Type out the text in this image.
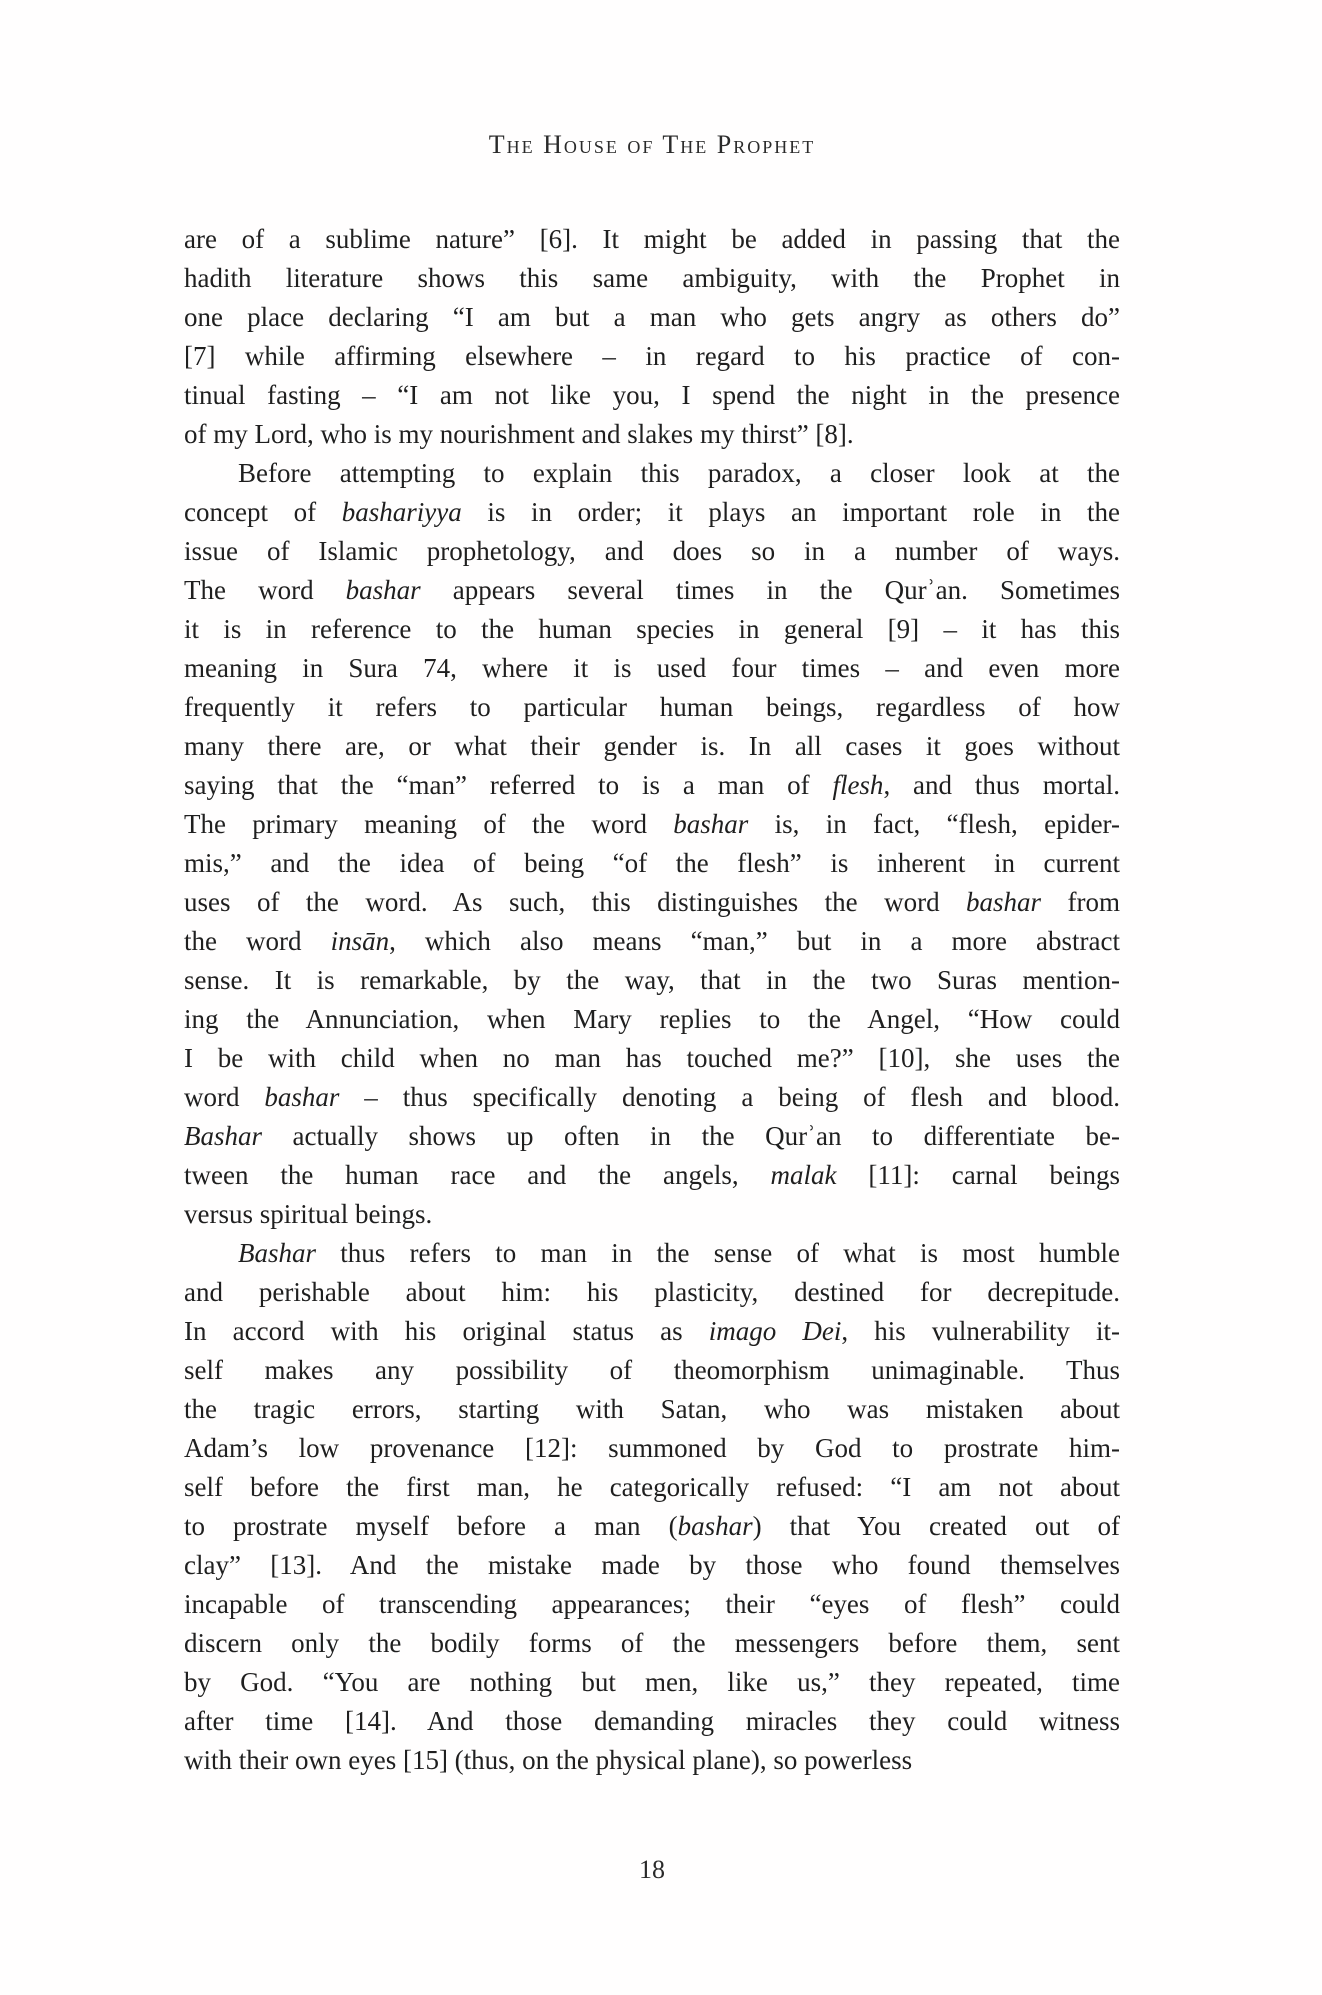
The House of The Prophet
are of a sublime nature” [6]. It might be added in passing that the
hadith literature shows this same ambiguity, with the Prophet in
one place declaring “I am but a man who gets angry as others do”
[7] while affirming elsewhere – in regard to his practice of con-
tinual fasting – “I am not like you, I spend the night in the presence
of my Lord, who is my nourishment and slakes my thirst” [8].
Before attempting to explain this paradox, a closer look at the
concept of bashariyya is in order; it plays an important role in the
issue of Islamic prophetology, and does so in a number of ways.
The word bashar appears several times in the Qurʾan. Sometimes
it is in reference to the human species in general [9] – it has this
meaning in Sura 74, where it is used four times – and even more
frequently it refers to particular human beings, regardless of how
many there are, or what their gender is. In all cases it goes without
saying that the “man” referred to is a man of flesh, and thus mortal.
The primary meaning of the word bashar is, in fact, “flesh, epider-
mis,” and the idea of being “of the flesh” is inherent in current
uses of the word. As such, this distinguishes the word bashar from
the word insān, which also means “man,” but in a more abstract
sense. It is remarkable, by the way, that in the two Suras mention-
ing the Annunciation, when Mary replies to the Angel, “How could
I be with child when no man has touched me?” [10], she uses the
word bashar – thus specifically denoting a being of flesh and blood.
Bashar actually shows up often in the Qurʾan to differentiate be-
tween the human race and the angels, malak [11]: carnal beings
versus spiritual beings.
Bashar thus refers to man in the sense of what is most humble
and perishable about him: his plasticity, destined for decrepitude.
In accord with his original status as imago Dei, his vulnerability it-
self makes any possibility of theomorphism unimaginable. Thus
the tragic errors, starting with Satan, who was mistaken about
Adam’s low provenance [12]: summoned by God to prostrate him-
self before the first man, he categorically refused: “I am not about
to prostrate myself before a man (bashar) that You created out of
clay” [13]. And the mistake made by those who found themselves
incapable of transcending appearances; their “eyes of flesh” could
discern only the bodily forms of the messengers before them, sent
by God. “You are nothing but men, like us,” they repeated, time
after time [14]. And those demanding miracles they could witness
with their own eyes [15] (thus, on the physical plane), so powerless
18
